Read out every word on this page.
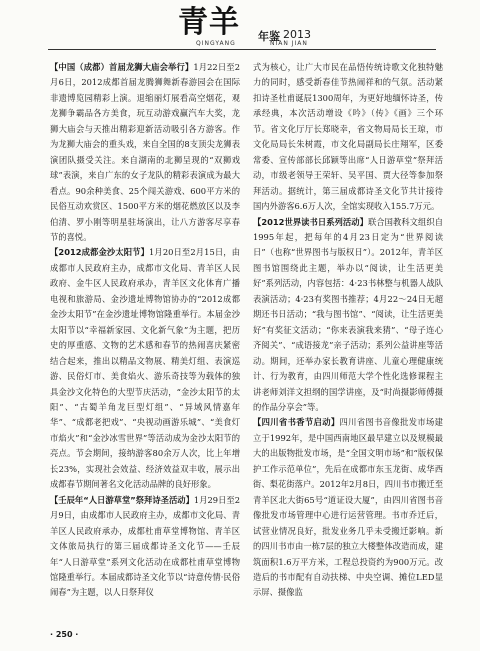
青羊 年鉴 2013
QINGYANG	NIAN JIAN

【中国（成都）首届龙狮大庙会举行】1月22日至2月6日，2012成都首届龙腾狮舞新春游园会在国际非遗博览园精彩上演。退缩丽灯展看高空烟花，观龙狮争霸品各方美食，玩互动游戏赢汽车大奖，龙狮大庙会与天推出精彩迎新活动吸引各方游客。作为龙狮大庙会的重头戏，来自全国的8支顶尖龙狮表演团队摄受关注。来自湖南的北狮呈现的“双狮戏球”表演，来自广东的女子龙队的精彩表演成为最大看点。90余种美食、25个闯关游戏、600平方米的民俗互动欢赏区、1500平方米的烟花燃放区以及李伯清、罗小刚等明星驻场演出，让八方游客尽享春节的喜悦。

【2012成都金沙太阳节】1月20日至2月15日，由成都市人民政府主办，成都市文化局、青羊区人民政府、金牛区人民政府承办，青羊区文化体育广播电视和旅游局、金沙遗址博物馆协办的“2012成都金沙太阳节”在金沙遗址博物馆隆重举行。本届金沙太阳节以“幸福新家园、文化新气象”为主题，把历史的厚重感、文物的艺术感和春节的热闹喜庆紧密结合起来，推出以精品文物展、精美灯组、表演巡游、民俗灯市、美食焰火、游乐奇技等为载体的独具金沙文化特色的大型节庆活动，“金沙太阳节的太阳”、“古蜀羊角龙巨型灯组”、“异域风情嘉年华”、“成都老把戏”、“央视动画游乐城”、“美食灯市焰火”和“金沙冰雪世界”等活动成为金沙太阳节的亮点。节会期间，接纳游客80余万人次，比上年增长23%，实现社会效益、经济效益双丰收，展示出成都春节期间著名文化活动品牌的良好形象。

【壬辰年“人日游草堂”祭拜诗圣活动】1月29日至2月9日，由成都市人民政府主办，成都市文化局、青羊区人民政府承办，成都杜甫草堂博物馆、青羊区文体旅局执行的第三届成都诗圣文化节——壬辰年“人日游草堂”系列文化活动在成都杜甫草堂博物馆隆重举行。本届成都诗圣文化节以“诗意传情·民俗闹春”为主题，以人日祭拜仪

式为核心，让广大市民在品悟传统诗歌文化独特魅力的同时，感受新春佳节热闹祥和的气氛。活动紧扣诗圣杜甫诞辰1300周年，为更好地缅怀诗圣，传承经典，本次活动增设《吟》（传》《画》三个环节。省文化厅厅长郑晓幸，省文物局局长王琼，市文化局局长朱树霞，市文化局副局长庄翔军，区委常委、宣传部部长邱颖等出席“人日游草堂”祭拜活动，市级老领导王荣轩、吴平国、贾大径等参加祭拜活动。据统计，第三届成都诗圣文化节共计接待国内外游客6.6万人次，全馆实现收入155.7万元。

【2012世界读书日系列活动】联合国教科文组织自1995年起，把每年的4月23日定为“世界阅读日”（也称“世界图书与版权日”）。2012年，青羊区图书馆围绕此主题，举办以“阅读，让生活更美好”系列活动，内容包括：4·23书林整与机器人战队表演活动；4·23有奖图书推荐；4月22～24日无超期还书日活动；“我与图书馆”、“阅读，让生活更美好”有奖征文活动；“你来表演我来猜”、“母子连心齐阅关”、“成语接龙”亲子活动；系列公益讲座等活动。期间，还举办家长教育讲座、儿童心理健康统计、行为教育，由四川师范大学个性化选修课程主讲老师刘洋文担纲的国学讲座，及“时尚摄影师傅摄的作品分享会”等。

【四川省书香节启动】四川省图书音像批发市场建立于1992年，是中国西南地区最早建立以及规模最大的出版物批发市场，是“全国文明市场”和“版权保护工作示范单位”，先后在成都市东玉龙街、成华西街、梨花街落户。2012年2月8日，四川书市搬迁至青羊区北大街65号“道证设大厦”，由四川省图书音像批发市场管理中心进行运营管理。书市乔迁后，试营业情况良好，批发业务几乎未受搬迁影响。新的四川书市由一栋7层的独立大楼整体改造而成，建筑面积1.6万平方米，工程总投资约为900万元。改造后的书市配有自动扶梯、中央空调、摊位LED显示屏、摄像监

· 250 ·
